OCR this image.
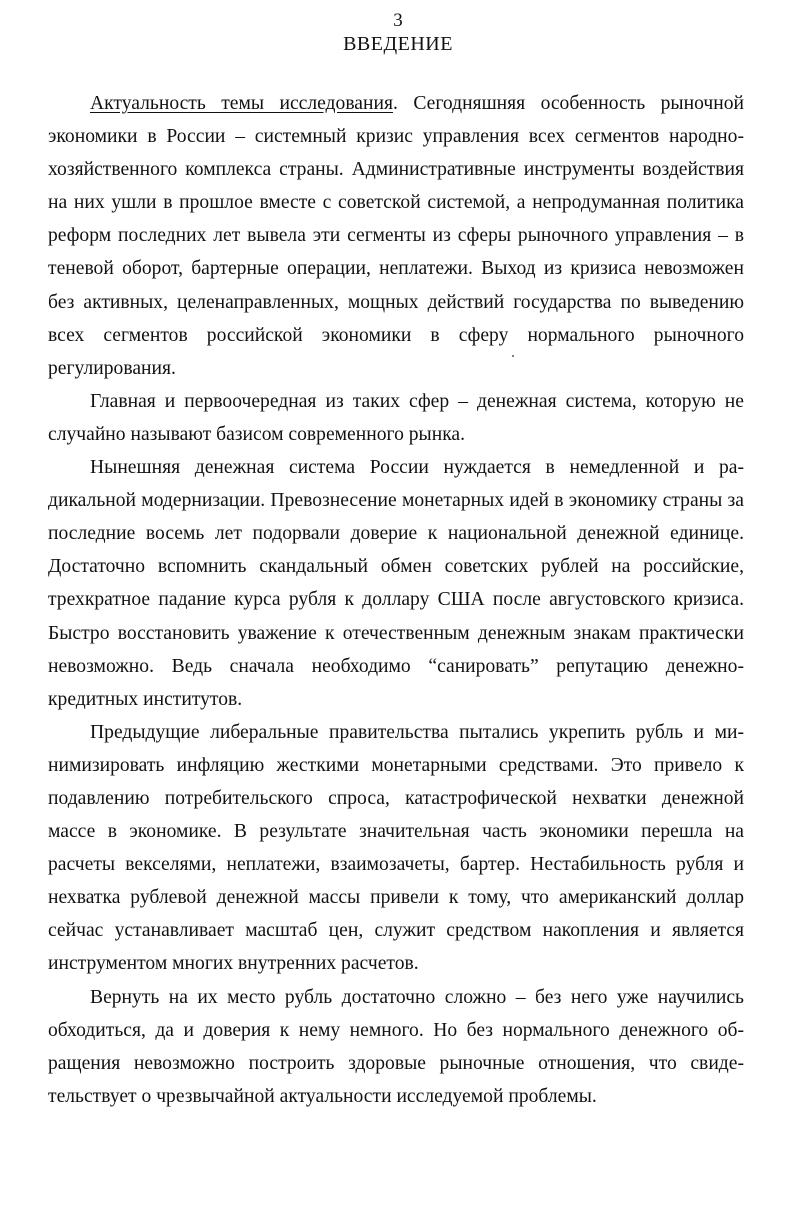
3
ВВЕДЕНИЕ

Актуальность темы исследования. Сегодняшняя особенность рыночной экономики в России – системный кризис управления всех сегментов народнохозяйственного комплекса страны. Административные инструменты воздействия на них ушли в прошлое вместе с советской системой, а непродуманная политика реформ последних лет вывела эти сегменты из сферы рыночного управления – в теневой оборот, бартерные операции, неплатежи. Выход из кризиса невозможен без активных, целенаправленных, мощных действий государства по выведению всех сегментов российской экономики в сферу нормального рыночного регулирования.

Главная и первоочередная из таких сфер – денежная система, которую не случайно называют базисом современного рынка.

Нынешняя денежная система России нуждается в немедленной и радикальной модернизации. Превознесение монетарных идей в экономику страны за последние восемь лет подорвали доверие к национальной денежной единице. Достаточно вспомнить скандальный обмен советских рублей на российские, трехкратное падание курса рубля к доллару США после августовского кризиса. Быстро восстановить уважение к отечественным денежным знакам практически невозможно. Ведь сначала необходимо “санировать” репутацию денежно-кредитных институтов.

Предыдущие либеральные правительства пытались укрепить рубль и минимизировать инфляцию жесткими монетарными средствами. Это привело к подавлению потребительского спроса, катастрофической нехватки денежной массе в экономике. В результате значительная часть экономики перешла на расчеты векселями, неплатежи, взаимозачеты, бартер. Нестабильность рубля и нехватка рублевой денежной массы привели к тому, что американский доллар сейчас устанавливает масштаб цен, служит средством накопления и является инструментом многих внутренних расчетов.

Вернуть на их место рубль достаточно сложно – без него уже научились обходиться, да и доверия к нему немного. Но без нормального денежного обращения невозможно построить здоровые рыночные отношения, что свидетельствует о чрезвычайной актуальности исследуемой проблемы.
